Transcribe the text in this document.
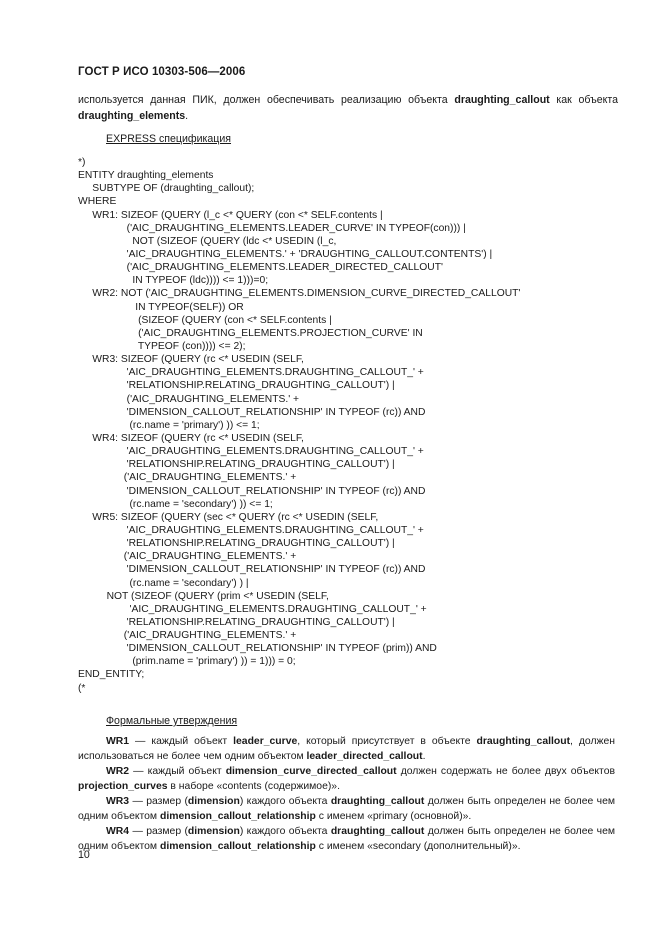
ГОСТ Р ИСО 10303-506—2006
используется данная ПИК, должен обеспечивать реализацию объекта draughting_callout как объекта draughting_elements.
EXPRESS спецификация
*)
ENTITY draughting_elements
SUBTYPE OF (draughting_callout);
WHERE
WR1: SIZEOF (QUERY (l_c <* QUERY (con <* SELF.contents |
('AIC_DRAUGHTING_ELEMENTS.LEADER_CURVE' IN TYPEOF(con))) |
NOT (SIZEOF (QUERY (ldc <* USEDIN (l_c,
'AIC_DRAUGHTING_ELEMENTS.' + 'DRAUGHTING_CALLOUT.CONTENTS') |
('AIC_DRAUGHTING_ELEMENTS.LEADER_DIRECTED_CALLOUT'
IN TYPEOF (ldc)))) <= 1)))=0;
WR2: NOT ('AIC_DRAUGHTING_ELEMENTS.DIMENSION_CURVE_DIRECTED_CALLOUT'
IN TYPEOF(SELF)) OR
(SIZEOF (QUERY (con <* SELF.contents |
('AIC_DRAUGHTING_ELEMENTS.PROJECTION_CURVE' IN
TYPEOF (con)))) <= 2);
WR3: SIZEOF (QUERY (rc <* USEDIN (SELF,
'AIC_DRAUGHTING_ELEMENTS.DRAUGHTING_CALLOUT_' +
'RELATIONSHIP.RELATING_DRAUGHTING_CALLOUT') |
('AIC_DRAUGHTING_ELEMENTS.' +
'DIMENSION_CALLOUT_RELATIONSHIP' IN TYPEOF (rc)) AND
(rc.name = 'primary') )) <= 1;
WR4: SIZEOF (QUERY (rc <* USEDIN (SELF,
'AIC_DRAUGHTING_ELEMENTS.DRAUGHTING_CALLOUT_' +
'RELATIONSHIP.RELATING_DRAUGHTING_CALLOUT') |
('AIC_DRAUGHTING_ELEMENTS.' +
'DIMENSION_CALLOUT_RELATIONSHIP' IN TYPEOF (rc)) AND
(rc.name = 'secondary') )) <= 1;
WR5: SIZEOF (QUERY (sec <* QUERY (rc <* USEDIN (SELF,
'AIC_DRAUGHTING_ELEMENTS.DRAUGHTING_CALLOUT_' +
'RELATIONSHIP.RELATING_DRAUGHTING_CALLOUT') |
('AIC_DRAUGHTING_ELEMENTS.' +
'DIMENSION_CALLOUT_RELATIONSHIP' IN TYPEOF (rc)) AND
(rc.name = 'secondary') ) |
NOT (SIZEOF (QUERY (prim <* USEDIN (SELF,
'AIC_DRAUGHTING_ELEMENTS.DRAUGHTING_CALLOUT_' +
'RELATIONSHIP.RELATING_DRAUGHTING_CALLOUT') |
('AIC_DRAUGHTING_ELEMENTS.' +
'DIMENSION_CALLOUT_RELATIONSHIP' IN TYPEOF (prim)) AND
(prim.name = 'primary') )) = 1))) = 0;
END_ENTITY;
(*
Формальные утверждения
WR1 — каждый объект leader_curve, который присутствует в объекте draughting_callout, должен использоваться не более чем одним объектом leader_directed_callout.
WR2 — каждый объект dimension_curve_directed_callout должен содержать не более двух объектов projection_curves в наборе «contents (содержимое)».
WR3 — размер (dimension) каждого объекта draughting_callout должен быть определен не более чем одним объектом dimension_callout_relationship с именем «primary (основной)».
WR4 — размер (dimension) каждого объекта draughting_callout должен быть определен не более чем одним объектом dimension_callout_relationship с именем «secondary (дополнительный)».
10
